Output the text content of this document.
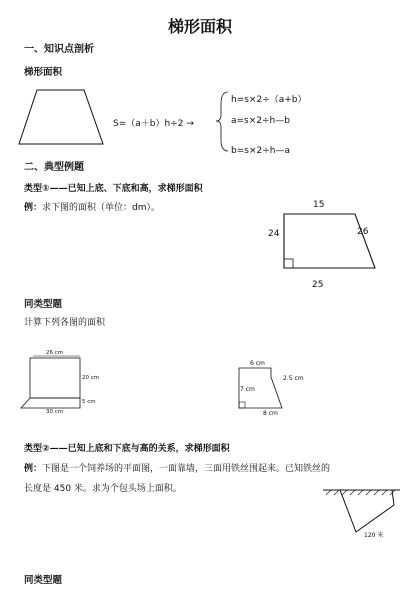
梯形面积
一、知识点剖析
梯形面积
S=（a＋b）h÷2 →
h=s×2÷（a+b）
a=s×2÷h—b
b=s×2÷h—a
二、典型例题
类型①——已知上底、下底和高，求梯形面积
例：求下图的面积（单位：dm）。	15
24	26
25
同类型题
计算下列各图的面积
26 cm
20 cm
5 cm
30 cm
6 cm
7 cm
2.5 cm
8 cm
类型②——已知上底和下底与高的关系，求梯形面积
例：下图是一个饲养场的平面图，一面靠墙，三面用铁丝围起来。已知铁丝的
长度是 450 米。求为个包头场上面积。
120 米
同类型题
